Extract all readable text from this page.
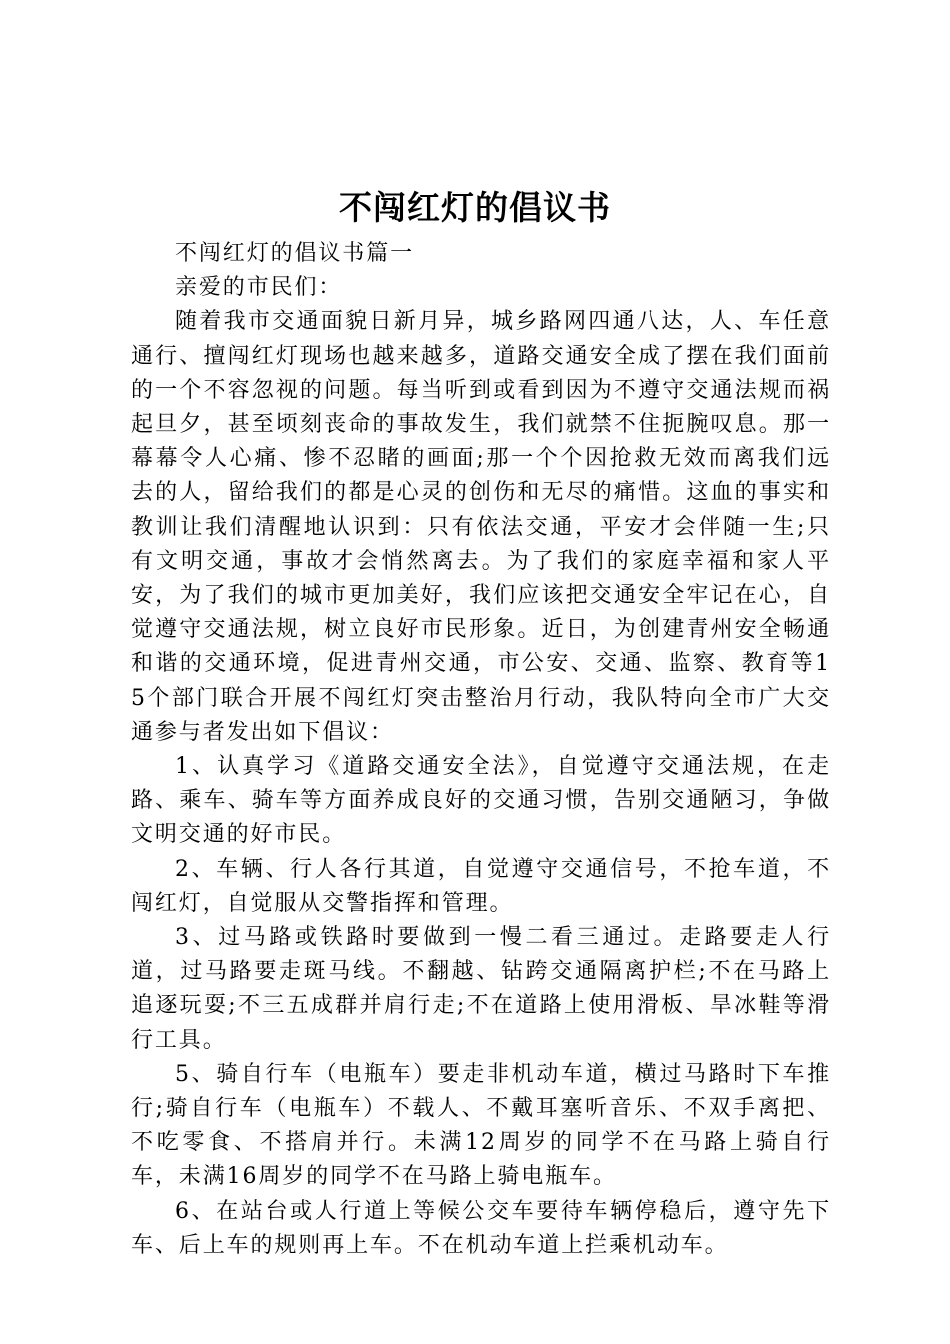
不闯红灯的倡议书

不闯红灯的倡议书篇一

亲爱的市民们：

随着我市交通面貌日新月异，城乡路网四通八达，人、车任意通行、擅闯红灯现场也越来越多，道路交通安全成了摆在我们面前的一个不容忽视的问题。每当听到或看到因为不遵守交通法规而祸起旦夕，甚至顷刻丧命的事故发生，我们就禁不住扼腕叹息。那一幕幕令人心痛、惨不忍睹的画面;那一个个因抢救无效而离我们远去的人，留给我们的都是心灵的创伤和无尽的痛惜。这血的事实和教训让我们清醒地认识到：只有依法交通，平安才会伴随一生;只有文明交通，事故才会悄然离去。为了我们的家庭幸福和家人平安，为了我们的城市更加美好，我们应该把交通安全牢记在心，自觉遵守交通法规，树立良好市民形象。近日，为创建青州安全畅通和谐的交通环境，促进青州交通，市公安、交通、监察、教育等15个部门联合开展不闯红灯突击整治月行动，我队特向全市广大交通参与者发出如下倡议：

1、认真学习《道路交通安全法》，自觉遵守交通法规，在走路、乘车、骑车等方面养成良好的交通习惯，告别交通陋习，争做文明交通的好市民。

2、车辆、行人各行其道，自觉遵守交通信号，不抢车道，不闯红灯，自觉服从交警指挥和管理。

3、过马路或铁路时要做到一慢二看三通过。走路要走人行道，过马路要走斑马线。不翻越、钻跨交通隔离护栏;不在马路上追逐玩耍;不三五成群并肩行走;不在道路上使用滑板、旱冰鞋等滑行工具。

5、骑自行车（电瓶车）要走非机动车道，横过马路时下车推行;骑自行车（电瓶车）不载人、不戴耳塞听音乐、不双手离把、不吃零食、不搭肩并行。未满12周岁的同学不在马路上骑自行车，未满16周岁的同学不在马路上骑电瓶车。

6、在站台或人行道上等候公交车要待车辆停稳后，遵守先下车、后上车的规则再上车。不在机动车道上拦乘机动车。
